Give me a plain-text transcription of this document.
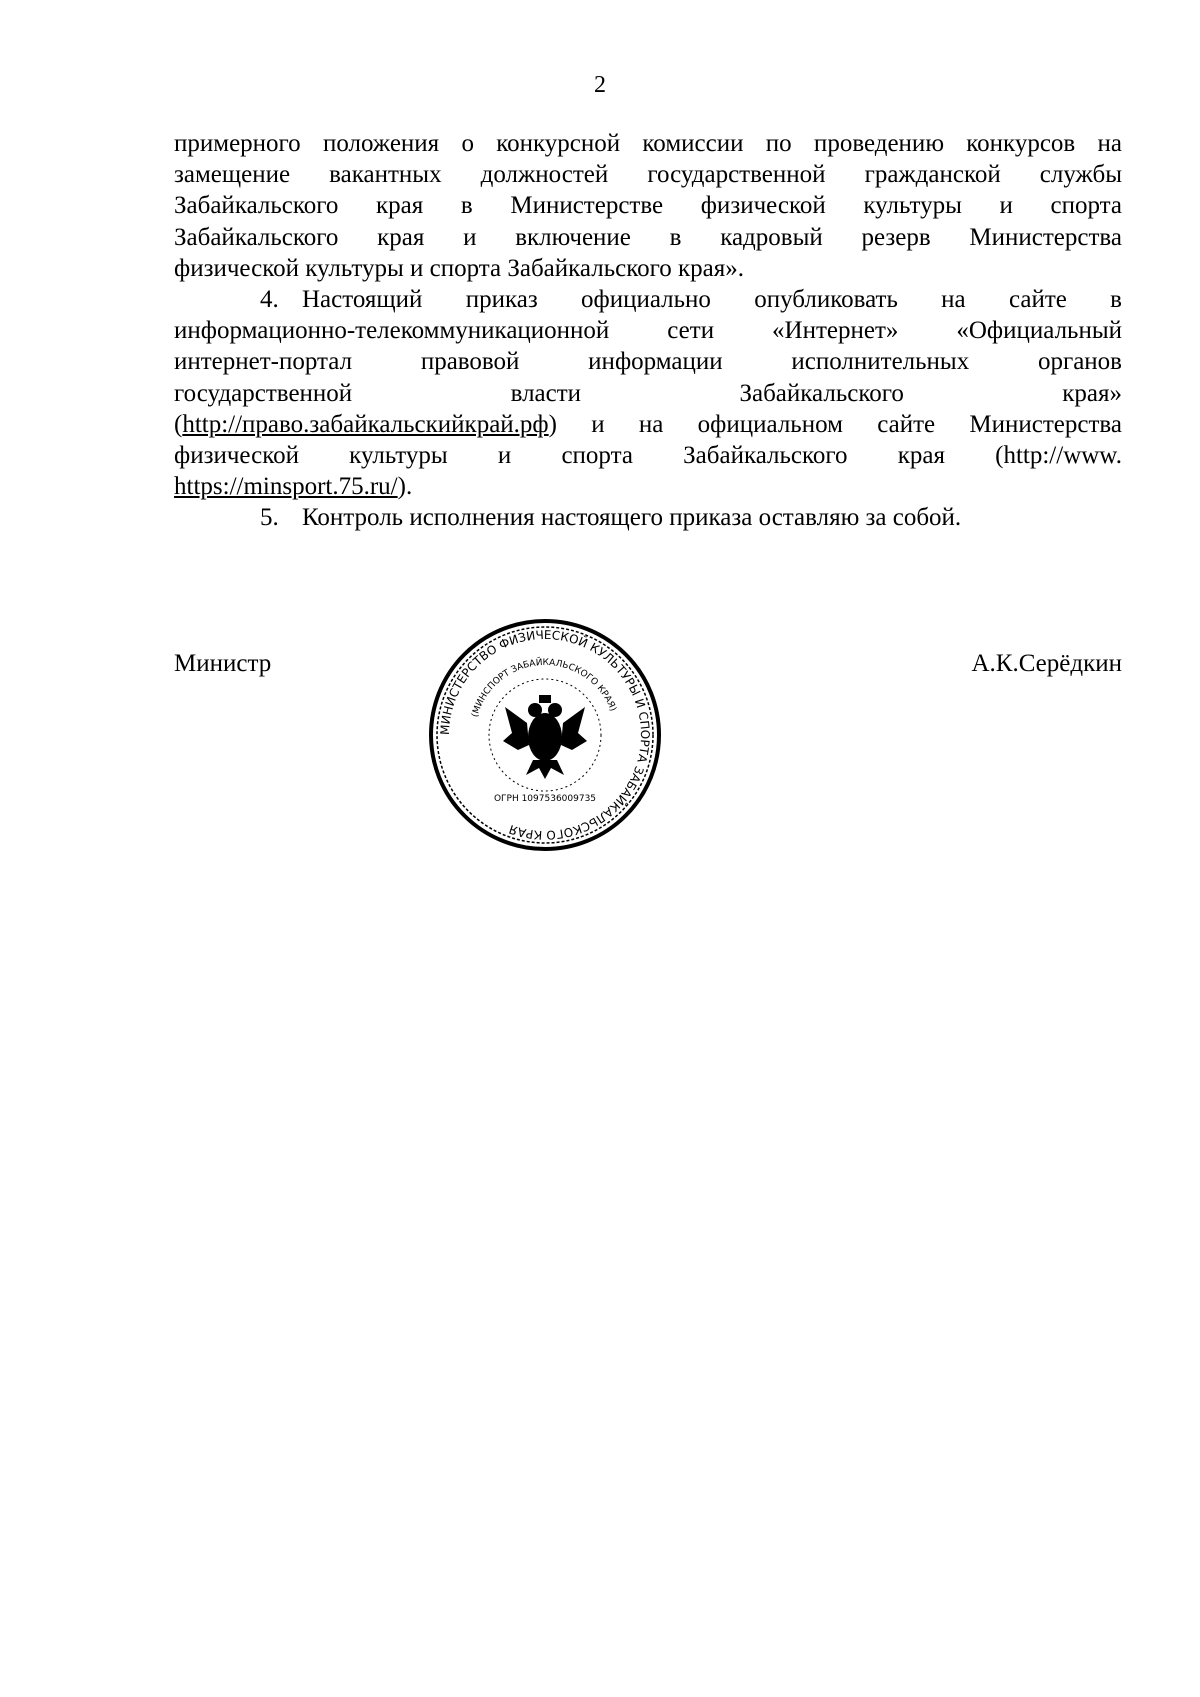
2
примерного положения о конкурсной комиссии по проведению конкурсов на
замещение вакантных должностей государственной гражданской службы
Забайкальского края в Министерстве физической культуры и спорта
Забайкальского края и включение в кадровый резерв Министерства
физической культуры и спорта Забайкальского края».
4. Настоящий приказ официально опубликовать на сайте в
информационно-телекоммуникационной сети «Интернет» «Официальный
интернет-портал правовой информации исполнительных органов
государственной	власти	Забайкальского	края»
(http://право.забайкальскийкрай.рф) и на официальном сайте Министерства
физической культуры и спорта Забайкальского края (http://www.
https://minsport.75.ru/).
5. Контроль исполнения настоящего приказа оставляю за собой.
Министр	А.К.Серёдкин
МИНИСТЕРСТВО ФИЗИЧЕСКОЙ КУЛЬТУРЫ И СПОРТА ЗАБАЙКАЛЬСКОГО КРАЯ
(МИНСПОРТ ЗАБАЙКАЛЬСКОГО КРАЯ)
ОГРН 1097536009735
